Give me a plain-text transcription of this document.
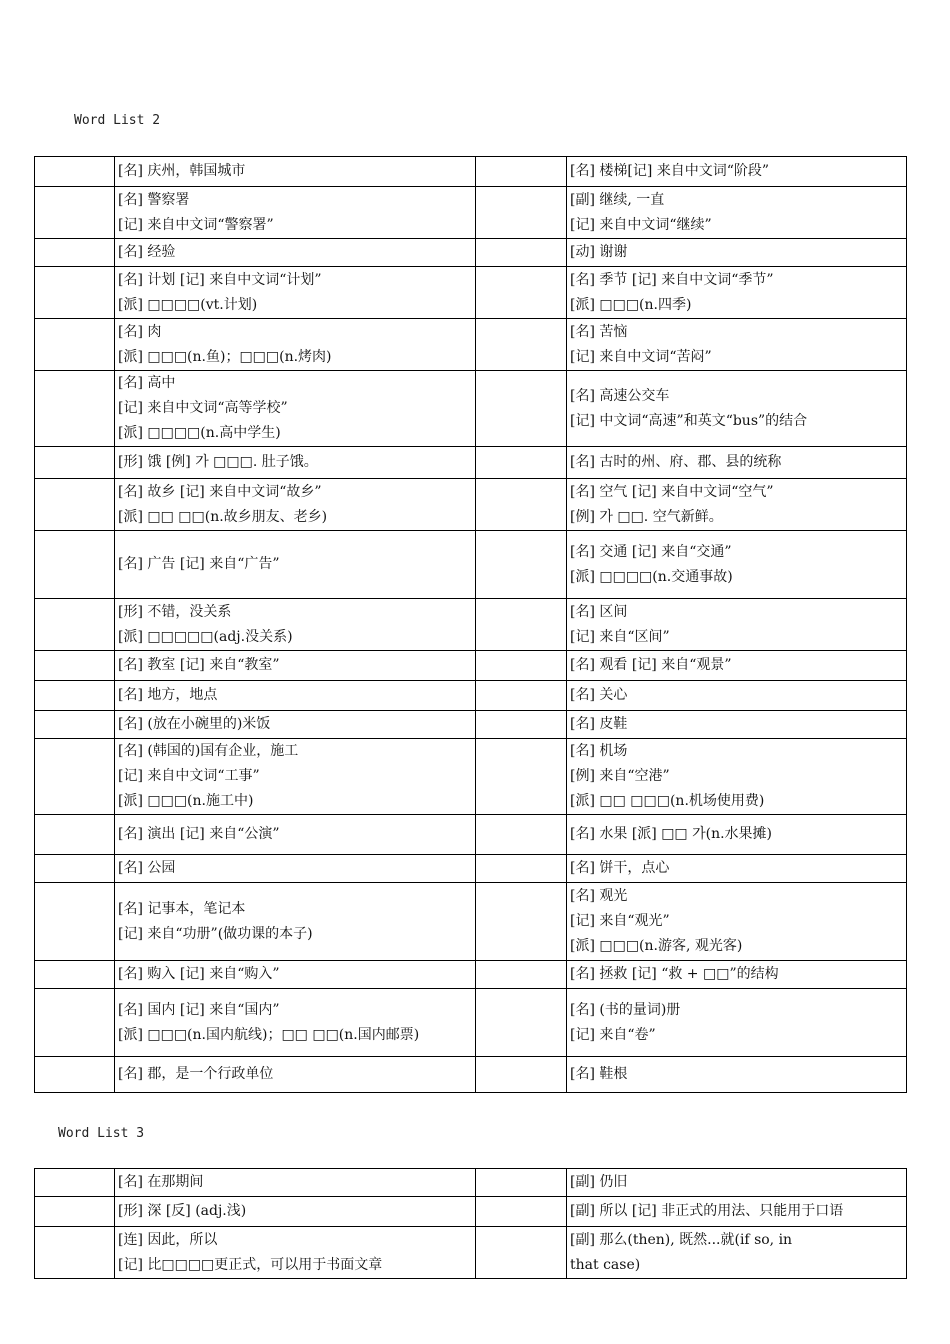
Word List 2

	[名] 庆州，韩国城市		[名] 楼梯[记] 来自中文词“阶段”

	[名] 警察署
[记] 来自中文词“警察署”		[副] 继续, 一直
[记] 来自中文词“继续”

	[名] 经验		[动] 谢谢

	[名] 计划 [记] 来自中文词“计划”
[派] □□□□(vt.计划)		[名] 季节 [记] 来自中文词“季节”
[派] □□□(n.四季)

	[名] 肉
[派] □□□(n.鱼)；□□□(n.烤肉)		[名] 苦恼
[记] 来自中文词“苦闷”

	[名] 高中
[记] 来自中文词“高等学校”
[派] □□□□(n.高中学生)		[名] 高速公交车
[记] 中文词“高速”和英文“bus”的结合

	[形] 饿 [例] 가 □□□. 肚子饿。		[名] 古时的州、府、郡、县的统称

	[名] 故乡 [记] 来自中文词“故乡”
[派] □□ □□(n.故乡朋友、老乡)		[名] 空气 [记] 来自中文词“空气”
[例] 가 □□. 空气新鲜。

	[名] 广告 [记] 来自“广告”		[名] 交通 [记] 来自“交通”
[派] □□□□(n.交通事故)

	[形] 不错，没关系
[派] □□□□□(adj.没关系)		[名] 区间
[记] 来自“区间”

	[名] 教室 [记] 来自“教室”		[名] 观看 [记] 来自“观景”

	[名] 地方，地点		[名] 关心

	[名] (放在小碗里的)米饭		[名] 皮鞋

	[名] (韩国的)国有企业，施工
[记] 来自中文词“工事”
[派] □□□(n.施工中)		[名] 机场
[例] 来自“空港”
[派] □□ □□□(n.机场使用费)

	[名] 演出 [记] 来自“公演”		[名] 水果 [派] □□ 가(n.水果摊)

	[名] 公园		[名] 饼干，点心

	[名] 记事本，笔记本
[记] 来自“功册”(做功课的本子)		[名] 观光
[记] 来自“观光”
[派] □□□(n.游客, 观光客)

	[名] 购入 [记] 来自“购入”		[名] 拯救 [记] “救 + □□”的结构

	[名] 国内 [记] 来自“国内”
[派] □□□(n.国内航线)；□□ □□(n.国内邮票)		[名] (书的量词)册
[记] 来自“卷”

	[名] 郡，是一个行政单位		[名] 鞋根
Word List 3

	[名] 在那期间		[副] 仍旧

	[形] 深 [反] (adj.浅)		[副] 所以 [记] 非正式的用法、只能用于口语

	[连] 因此，所以
[记] 比□□□□更正式，可以用于书面文章		[副] 那么(then), 既然...就(if so, in
that case)
